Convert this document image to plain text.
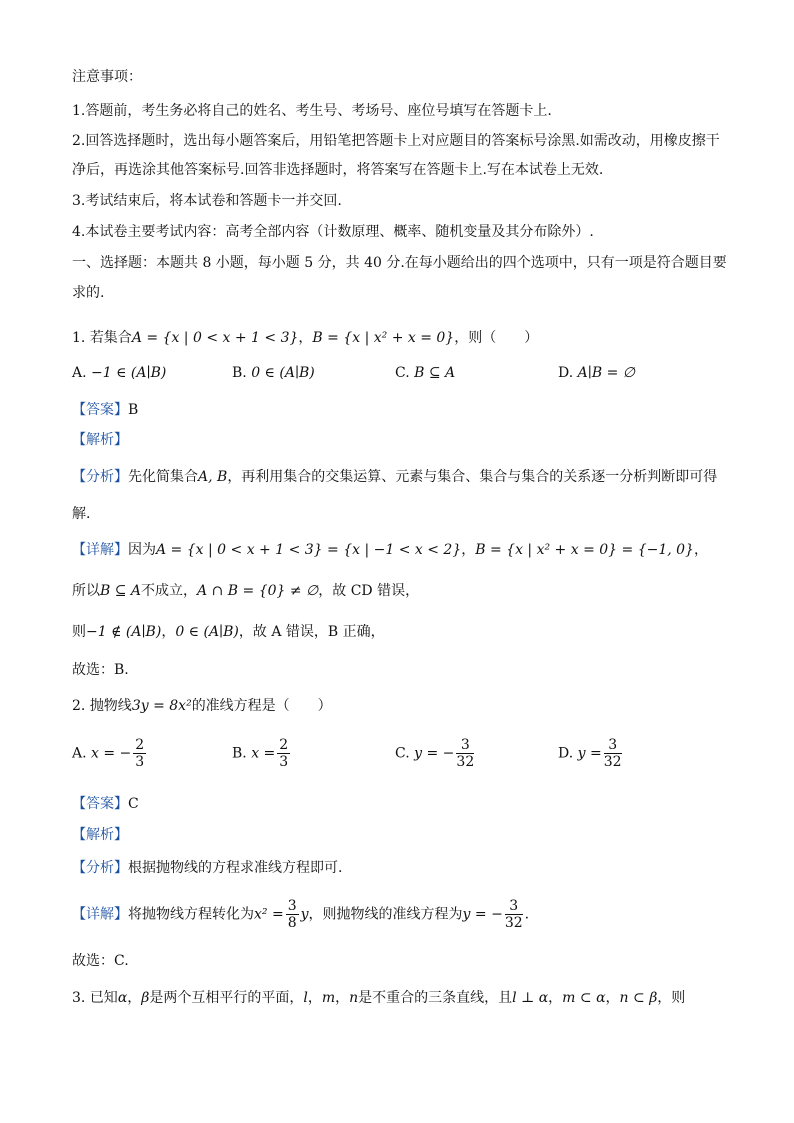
注意事项：
1.答题前，考生务必将自己的姓名、考生号、考场号、座位号填写在答题卡上.
2.回答选择题时，选出每小题答案后，用铅笔把答题卡上对应题目的答案标号涂黑.如需改动，用橡皮擦干
净后，再选涂其他答案标号.回答非选择题时，将答案写在答题卡上.写在本试卷上无效.
3.考试结束后，将本试卷和答题卡一并交回.
4.本试卷主要考试内容：高考全部内容（计数原理、概率、随机变量及其分布除外）.
一、选择题：本题共 8 小题，每小题 5 分，共 40 分.在每小题给出的四个选项中，只有一项是符合题目要
求的.
1. 若集合A = {x | 0 < x + 1 < 3}，B = {x | x² + x = 0}，则（　　）
A. −1 ∈ (A∣B)	B. 0 ∈ (A∣B)	C. B ⊆ A	D. A∣B = ∅
【答案】B
【解析】
【分析】先化简集合A, B，再利用集合的交集运算、元素与集合、集合与集合的关系逐一分析判断即可得
解.
【详解】因为A = {x | 0 < x + 1 < 3} = {x | −1 < x < 2}，B = {x | x² + x = 0} = {−1, 0}，
所以B ⊆ A不成立，A ∩ B = {0} ≠ ∅，故 CD 错误，
则−1 ∉ (A∣B)，0 ∈ (A∣B)，故 A 错误，B 正确，
故选：B.
2. 抛物线3y = 8x²的准线方程是（　　）
A. x = − $\frac{2}{3}$	B. $x = \frac{2}{3}$	C. y = − $\frac{3}{32}$	D. $y = \frac{3}{32}$
【答案】C
【解析】
【分析】根据抛物线的方程求准线方程即可.
【详解】将抛物线方程转化为$x^2 = \frac{3}{8}$ y，则抛物线的准线方程为y = − $\frac{3}{32}$ .
故选：C.
3. 已知α，β是两个互相平行的平面，l，m，n是不重合的三条直线，且l ⊥ α，m ⊂ α，n ⊂ β，则
